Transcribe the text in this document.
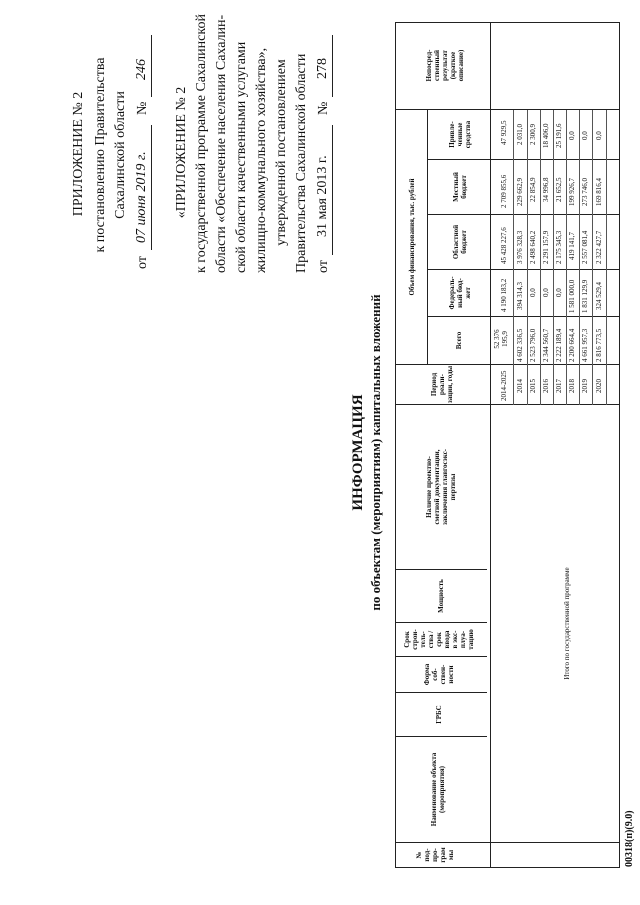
ПРИЛОЖЕНИЕ № 2 к постановлению Правительства Сахалинской области
от
07 июня 2019 г.
№
246
«ПРИЛОЖЕНИЕ № 2 к государственной программе Сахалинской области «Обеспечение населения Сахалин- ской области качественными услугами жилищно-коммунального хозяйства», утвержденной постановлением Правительства Сахалинской области от
31 мая 2013 г.
№
278
ИНФОРМАЦИЯ по объектам (мероприятиям) капитальных вложений
№ под- про- грам мы
Наименование объекта (мероприятия)
ГРБС
Форма соб- ствен- ности
Срок строи- тель- ства / срок ввода в экс- плуа- тацию
Мощность
Наличие проектно- сметной документации, заключения главгосэкс- пертизы
Период реали- зации, годы
Объем финансирования, тыс. рублей
Всего
Федераль- ный бюд- жет
Областной бюджет
Местный бюджет
Привле- ченные средства
Непосред- ственный результат (краткое описание)
Итого по государственной программе
2014-2025
52 376 195,9
4 190 183,2
45 428 227,6
2 709 855,6
47 929,5
2014
4 602 336,5
394 314,3
3 976 328,3
229 662,9
2 031,0
2015
2 523 796,0
0,0
2 498 640,2
22 854,9
2 300,9
2016
2 344 560,7
0,0
2 291 157,9
34 996,8
18 406,0
2017
2 222 189,4
0,0
2 175 345,3
21 652,5
25 191,6
2018
2 200 664,4
1 581 000,0
419 141,7
199 926,7
0,0
2019
4 661 957,3
1 831 129,9
2 557 081,4
273 746,0
0,0
2020
2 816 773,5
324 529,4
2 322 427,7
169 816,4
0,0
00318(п)(9.0)
